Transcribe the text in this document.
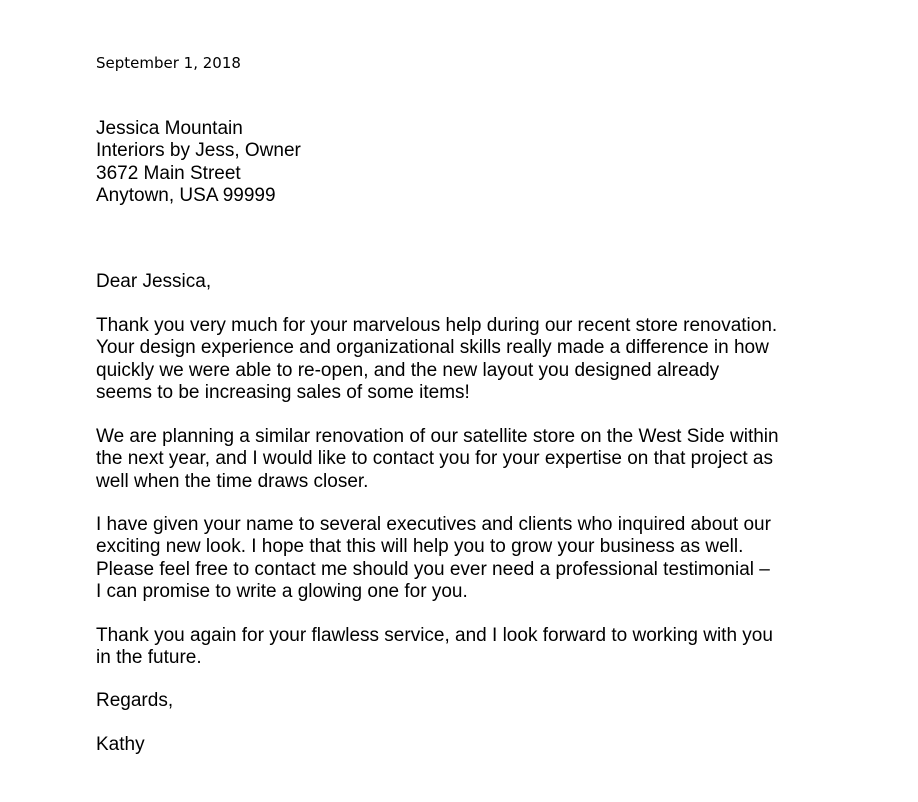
September 1, 2018
Jessica Mountain
Interiors by Jess, Owner
3672 Main Street
Anytown, USA 99999
Dear Jessica,
Thank you very much for your marvelous help during our recent store renovation.
Your design experience and organizational skills really made a difference in how
quickly we were able to re-open, and the new layout you designed already
seems to be increasing sales of some items!
We are planning a similar renovation of our satellite store on the West Side within
the next year, and I would like to contact you for your expertise on that project as
well when the time draws closer.
I have given your name to several executives and clients who inquired about our
exciting new look. I hope that this will help you to grow your business as well.
Please feel free to contact me should you ever need a professional testimonial –
I can promise to write a glowing one for you.
Thank you again for your flawless service, and I look forward to working with you
in the future.
Regards,
Kathy
